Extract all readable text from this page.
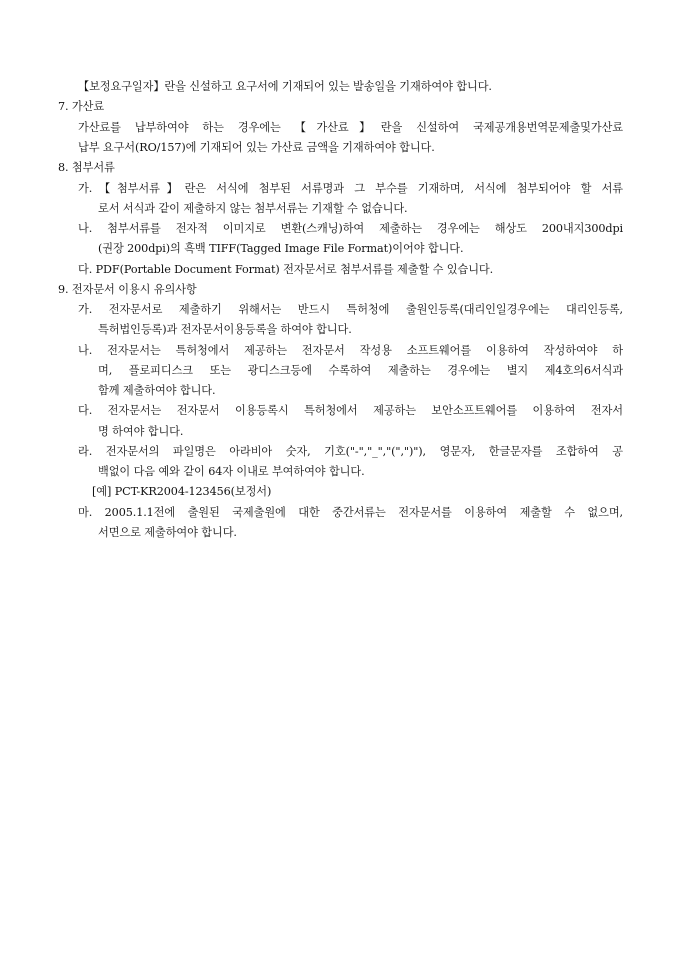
【보정요구일자】란을 신설하고 요구서에 기재되어 있는 발송일을 기재하여야 합니다.
7. 가산료
가산료를 납부하여야 하는 경우에는 【가산료】란을 신설하여 국제공개용번역문제출및가산료
납부 요구서(RO/157)에 기재되어 있는 가산료 금액을 기재하여야 합니다.
8. 첨부서류
가.【첨부서류】란은 서식에 첨부된 서류명과 그 부수를 기재하며, 서식에 첨부되어야 할 서류
로서 서식과 같이 제출하지 않는 첨부서류는 기재할 수 없습니다.
나. 첨부서류를 전자적 이미지로 변환(스캐닝)하여 제출하는 경우에는 해상도 200내지300dpi
(권장 200dpi)의 흑백 TIFF(Tagged Image File Format)이어야 합니다.
다. PDF(Portable Document Format) 전자문서로 첨부서류를 제출할 수 있습니다.
9. 전자문서 이용시 유의사항
가. 전자문서로 제출하기 위해서는 반드시 특허청에 출원인등록(대리인일경우에는 대리인등록,
특허법인등록)과 전자문서이용등록을 하여야 합니다.
나. 전자문서는 특허청에서 제공하는 전자문서 작성용 소프트웨어를 이용하여 작성하여야 하
며, 플로피디스크 또는 광디스크등에 수록하여 제출하는 경우에는 별지 제4호의6서식과
함께 제출하여야 합니다.
다. 전자문서는 전자문서 이용등록시 특허청에서 제공하는 보안소프트웨어를 이용하여 전자서
명 하여야 합니다.
라. 전자문서의 파일명은 아라비아 숫자, 기호("-","_","(",")"), 영문자, 한글문자를 조합하여 공
백없이 다음 예와 같이 64자 이내로 부여하여야 합니다.
[예] PCT-KR2004-123456(보정서)
마. 2005.1.1전에 출원된 국제출원에 대한 중간서류는 전자문서를 이용하여 제출할 수 없으며,
서면으로 제출하여야 합니다.
